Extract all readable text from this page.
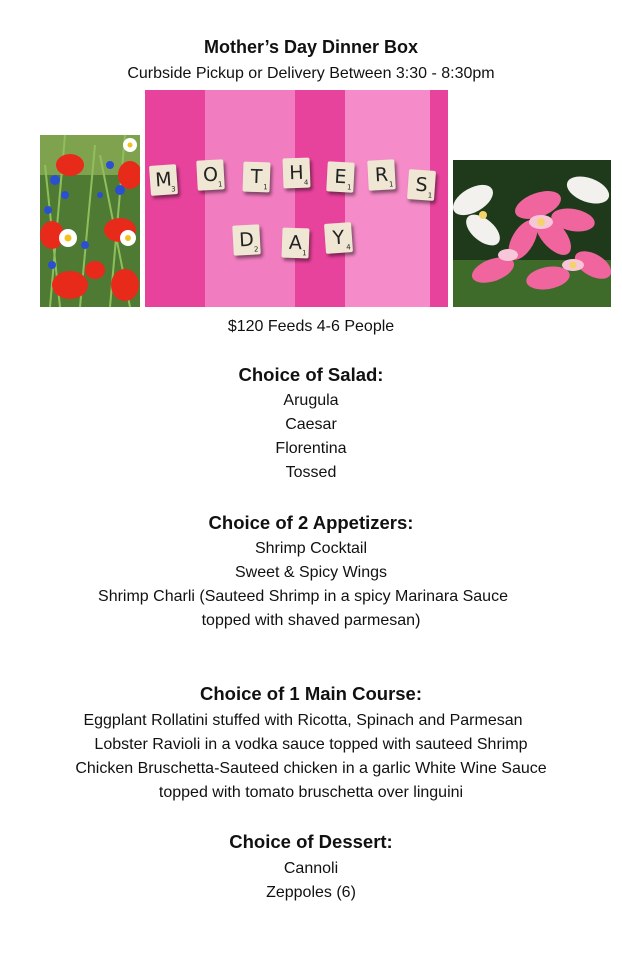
Mother’s Day Dinner Box
Curbside Pickup or Delivery Between 3:30 - 8:30pm
M
3
O 1	T 1
H 4	E 1
R 1	S 1
D 2	A 1
Y 4
$120 Feeds 4-6 People
Choice of Salad:
Arugula
Caesar
Florentina
Tossed
Choice of 2 Appetizers:
Shrimp Cocktail
Sweet & Spicy Wings
Shrimp Charli (Sauteed Shrimp in a spicy Marinara Sauce
topped with shaved parmesan)
Choice of 1 Main Course:
Eggplant Rollatini stuffed with Ricotta, Spinach and Parmesan
Lobster Ravioli in a vodka sauce topped with sauteed Shrimp
Chicken Bruschetta-Sauteed chicken in a garlic White Wine Sauce
topped with tomato bruschetta over linguini
Choice of Dessert:
Cannoli
Zeppoles (6)
